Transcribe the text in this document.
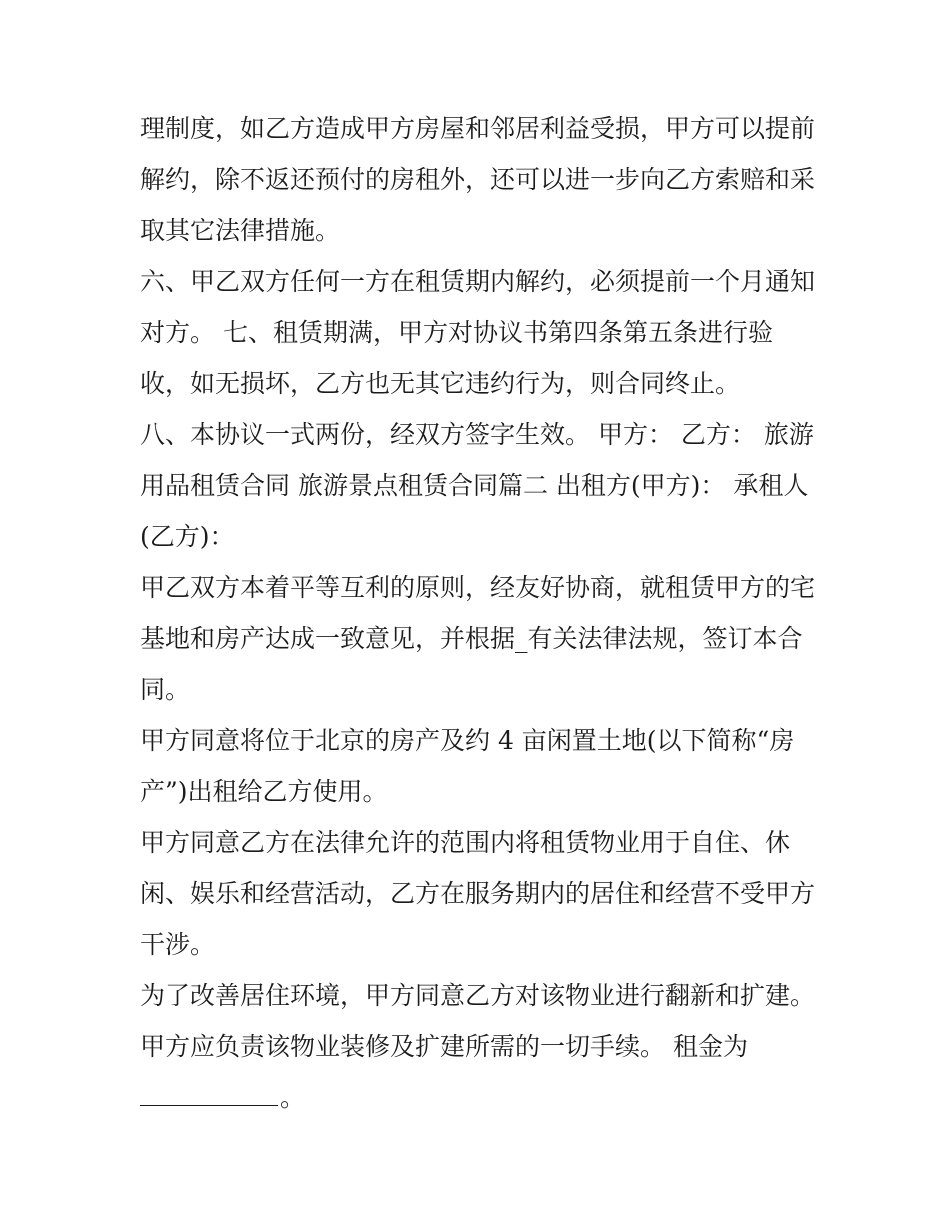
理制度，如乙方造成甲方房屋和邻居利益受损，甲方可以提前
解约，除不返还预付的房租外，还可以进一步向乙方索赔和采
取其它法律措施。
六、甲乙双方任何一方在租赁期内解约，必须提前一个月通知
对方。 七、租赁期满，甲方对协议书第四条第五条进行验
收，如无损坏，乙方也无其它违约行为，则合同终止。
八、本协议一式两份，经双方签字生效。 甲方： 乙方： 旅游
用品租赁合同 旅游景点租赁合同篇二 出租方(甲方)： 承租人
(乙方)：
甲乙双方本着平等互利的原则，经友好协商，就租赁甲方的宅
基地和房产达成一致意见，并根据_有关法律法规，签订本合
同。
甲方同意将位于北京的房产及约 4 亩闲置土地(以下简称“房
产”)出租给乙方使用。
甲方同意乙方在法律允许的范围内将租赁物业用于自住、休
闲、娱乐和经营活动，乙方在服务期内的居住和经营不受甲方
干涉。
为了改善居住环境，甲方同意乙方对该物业进行翻新和扩建。
甲方应负责该物业装修及扩建所需的一切手续。 租金为
。
